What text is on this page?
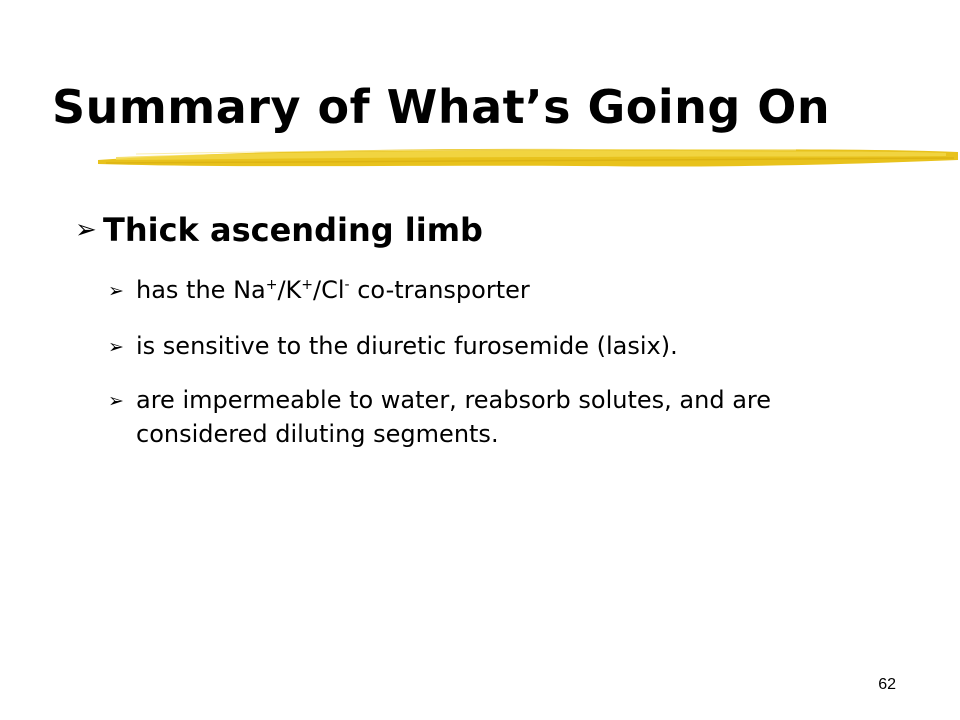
Summary of What’s Going On
➢ Thick ascending limb
➢ has the Na+/K+/Cl- co-transporter
➢ is sensitive to the diuretic furosemide (lasix).
➢ are impermeable to water, reabsorb solutes, and are considered diluting segments.
62
